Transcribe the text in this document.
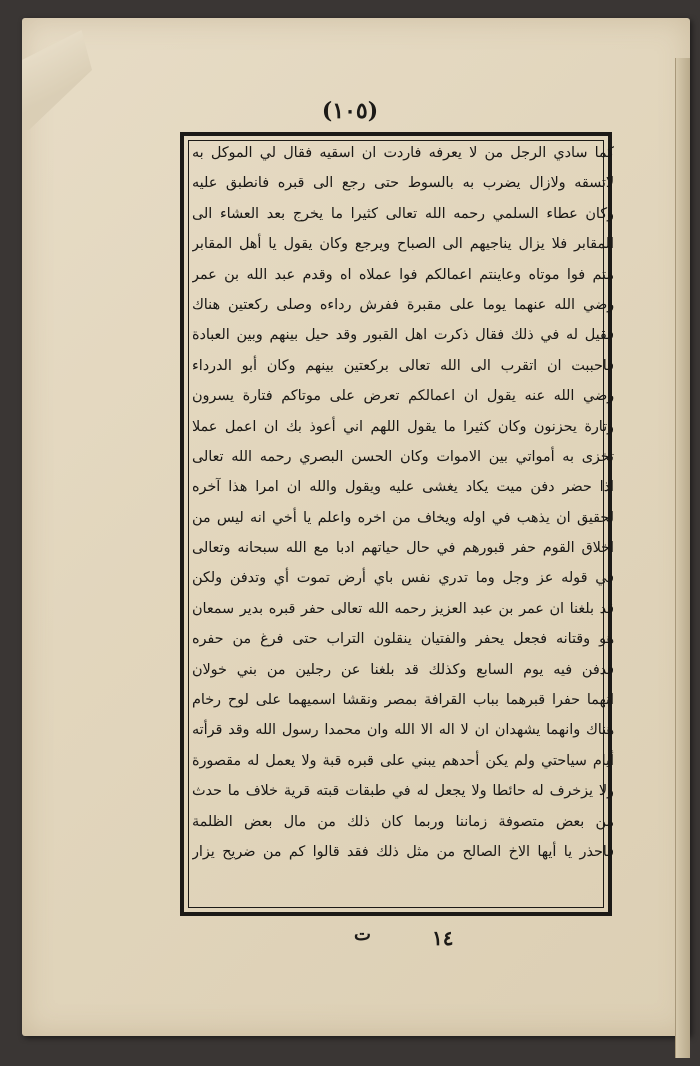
(١٠٥)
كما سادي الرجل من لا يعرفه فاردت ان اسقيه فقال لي الموكل به
لاتسقه ولازال يضرب به بالسوط حتى رجع الى قبره فانطبق عليه
وكان عطاء السلمي رحمه الله تعالى كثيرا ما يخرج بعد العشاء الى
المقابر فلا يزال يناجيهم الى الصباح ويرجع وكان يقول يا أهل المقابر
متم فوا موتاه وعاينتم اعمالكم فوا عملاه اه وقدم عبد الله بن عمر
رضي الله عنهما يوما على مقبرة ففرش رداءه وصلى ركعتين هناك
فقيل له في ذلك فقال ذكرت اهل القبور وقد حيل بينهم وبين العبادة
فاحببت ان اتقرب الى الله تعالى بركعتين بينهم وكان أبو الدرداء
رضي الله عنه يقول ان اعمالكم تعرض على موتاكم فتارة يسرون
وتارة يحزنون وكان كثيرا ما يقول اللهم اني أعوذ بك ان اعمل عملا
تخزى به أمواتي بين الاموات وكان الحسن البصري رحمه الله تعالى
اذا حضر دفن ميت يكاد يغشى عليه ويقول والله ان امرا هذا آخره
لحقيق ان يذهب في اوله ويخاف من اخره واعلم يا أخي انه ليس من
اخلاق القوم حفر قبورهم في حال حياتهم ادبا مع الله سبحانه وتعالى
في قوله عز وجل وما تدري نفس باي أرض تموت أي وتدفن ولكن
قد بلغنا ان عمر بن عبد العزيز رحمه الله تعالى حفر قبره بدير سمعان
هو وقتانه فجعل يحفر والفتيان ينقلون التراب حتى فرغ من حفره
فدفن فيه يوم السابع وكذلك قد بلغنا عن رجلين من بني خولان
انهما حفرا قبرهما بباب القرافة بمصر ونقشا اسميهما على لوح رخام
هناك وانهما يشهدان ان لا اله الا الله وان محمدا رسول الله وقد قرأته
أيام سياحتي ولم يكن أحدهم يبني على قبره قبة ولا يعمل له مقصورة
ولا يزخرف له حائطا ولا يجعل له في طبقات قبته قرية خلاف ما حدث
من بعض متصوفة زماننا وربما كان ذلك من مال بعض الظلمة
فاحذر يا أيها الاخ الصالح من مثل ذلك فقد قالوا كم من ضريح يزار
١٤
ت
